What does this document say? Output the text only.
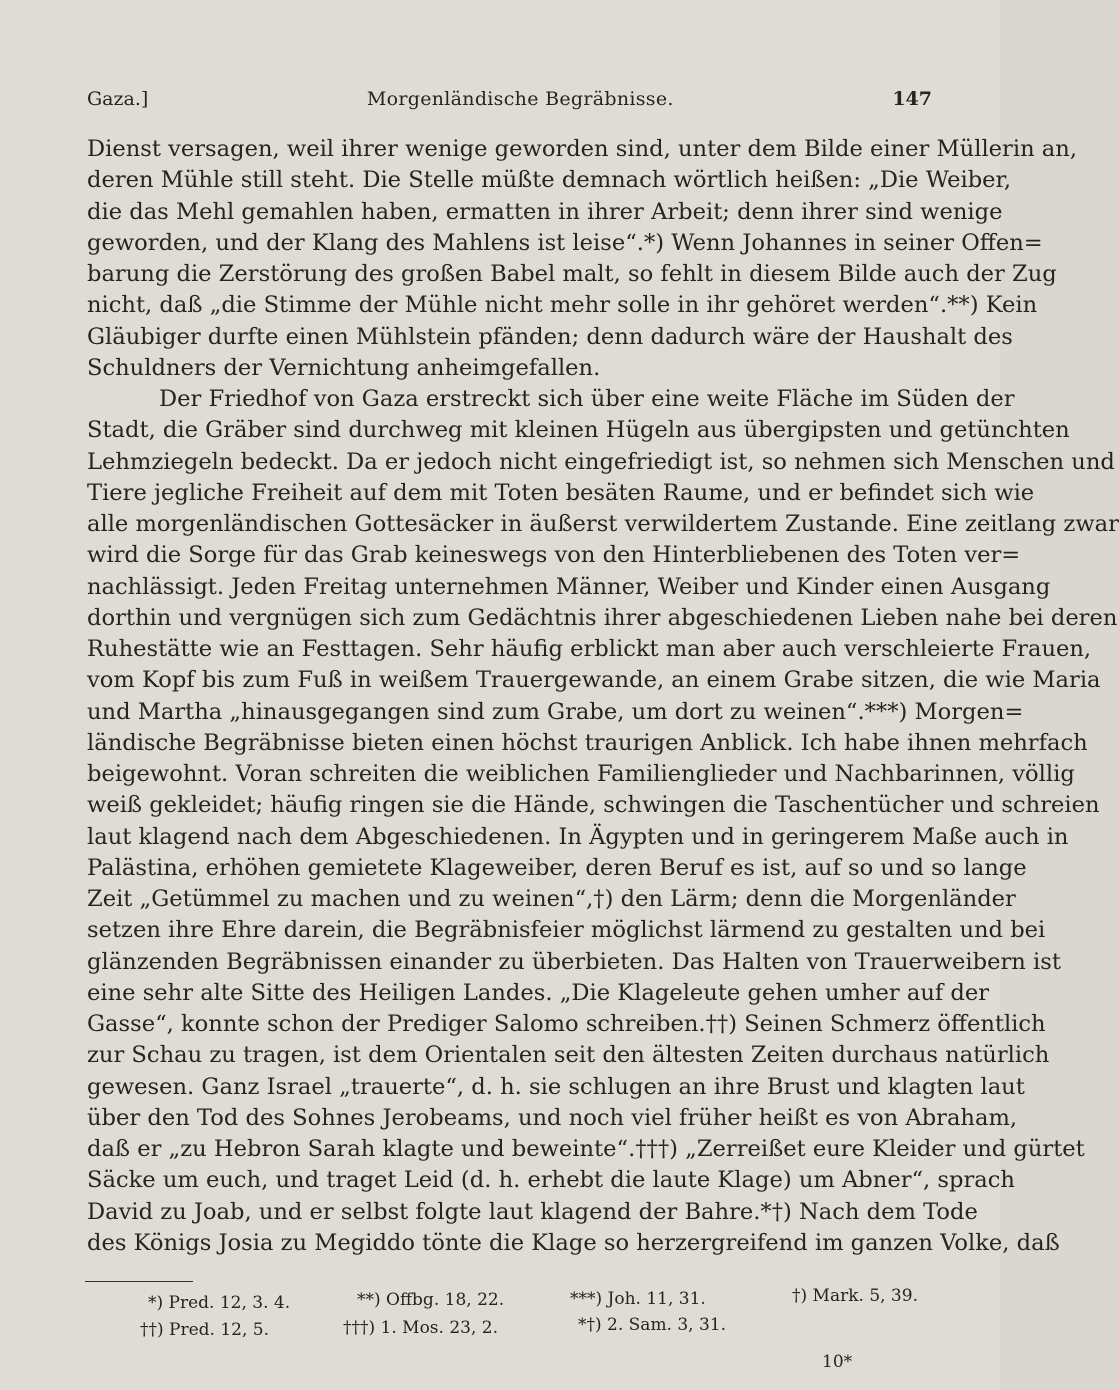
Gaza.]	Morgenländische Begräbnisse.	147
Dienst versagen, weil ihrer wenige geworden sind, unter dem Bilde einer Müllerin an,
deren Mühle still steht. Die Stelle müßte demnach wörtlich heißen: „Die Weiber,
die das Mehl gemahlen haben, ermatten in ihrer Arbeit; denn ihrer sind wenige
geworden, und der Klang des Mahlens ist leise“.*) Wenn Johannes in seiner Offen=
barung die Zerstörung des großen Babel malt, so fehlt in diesem Bilde auch der Zug
nicht, daß „die Stimme der Mühle nicht mehr solle in ihr gehöret werden“.**) Kein
Gläubiger durfte einen Mühlstein pfänden; denn dadurch wäre der Haushalt des
Schuldners der Vernichtung anheimgefallen.
Der Friedhof von Gaza erstreckt sich über eine weite Fläche im Süden der
Stadt, die Gräber sind durchweg mit kleinen Hügeln aus übergipsten und getünchten
Lehmziegeln bedeckt. Da er jedoch nicht eingefriedigt ist, so nehmen sich Menschen und
Tiere jegliche Freiheit auf dem mit Toten besäten Raume, und er befindet sich wie
alle morgenländischen Gottesäcker in äußerst verwildertem Zustande. Eine zeitlang zwar
wird die Sorge für das Grab keineswegs von den Hinterbliebenen des Toten ver=
nachlässigt. Jeden Freitag unternehmen Männer, Weiber und Kinder einen Ausgang
dorthin und vergnügen sich zum Gedächtnis ihrer abgeschiedenen Lieben nahe bei deren
Ruhestätte wie an Festtagen. Sehr häufig erblickt man aber auch verschleierte Frauen,
vom Kopf bis zum Fuß in weißem Trauergewande, an einem Grabe sitzen, die wie Maria
und Martha „hinausgegangen sind zum Grabe, um dort zu weinen“.***) Morgen=
ländische Begräbnisse bieten einen höchst traurigen Anblick. Ich habe ihnen mehrfach
beigewohnt. Voran schreiten die weiblichen Familienglieder und Nachbarinnen, völlig
weiß gekleidet; häufig ringen sie die Hände, schwingen die Taschentücher und schreien
laut klagend nach dem Abgeschiedenen. In Ägypten und in geringerem Maße auch in
Palästina, erhöhen gemietete Klageweiber, deren Beruf es ist, auf so und so lange
Zeit „Getümmel zu machen und zu weinen“,†) den Lärm; denn die Morgenländer
setzen ihre Ehre darein, die Begräbnisfeier möglichst lärmend zu gestalten und bei
glänzenden Begräbnissen einander zu überbieten. Das Halten von Trauerweibern ist
eine sehr alte Sitte des Heiligen Landes. „Die Klageleute gehen umher auf der
Gasse“, konnte schon der Prediger Salomo schreiben.††) Seinen Schmerz öffentlich
zur Schau zu tragen, ist dem Orientalen seit den ältesten Zeiten durchaus natürlich
gewesen. Ganz Israel „trauerte“, d. h. sie schlugen an ihre Brust und klagten laut
über den Tod des Sohnes Jerobeams, und noch viel früher heißt es von Abraham,
daß er „zu Hebron Sarah klagte und beweinte“.†††) „Zerreißet eure Kleider und gürtet
Säcke um euch, und traget Leid (d. h. erhebt die laute Klage) um Abner“, sprach
David zu Joab, und er selbst folgte laut klagend der Bahre.*†) Nach dem Tode
des Königs Josia zu Megiddo tönte die Klage so herzergreifend im ganzen Volke, daß
*) Pred. 12, 3. 4.	**) Offbg. 18, 22.	***) Joh. 11, 31.	†) Mark. 5, 39.
††) Pred. 12, 5.	†††) 1. Mos. 23, 2.	*†) 2. Sam. 3, 31.
10*
